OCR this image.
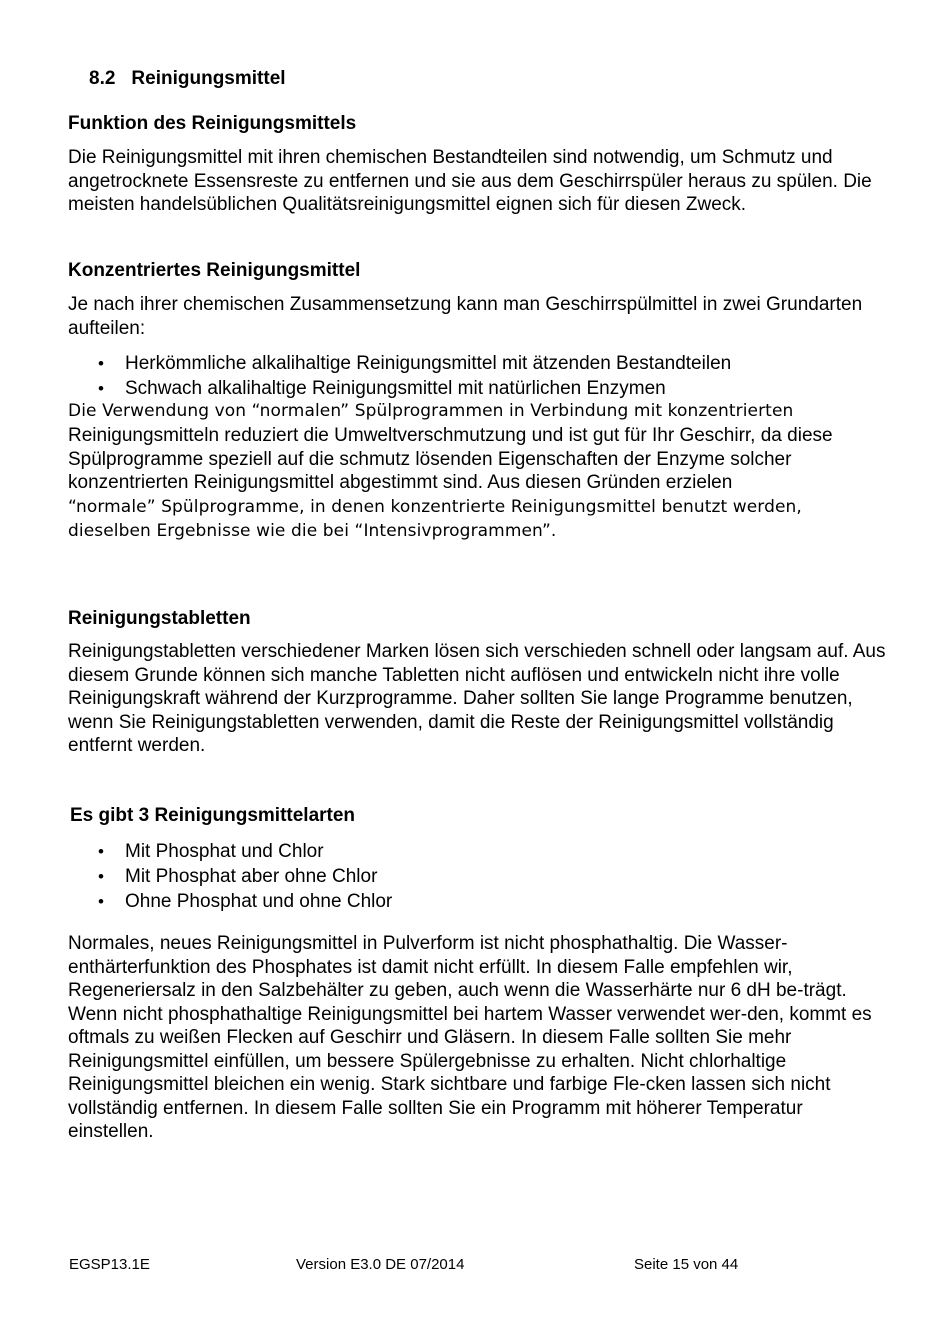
8.2 Reinigungsmittel
Funktion des Reinigungsmittels
Die Reinigungsmittel mit ihren chemischen Bestandteilen sind notwendig, um Schmutz und angetrocknete Essensreste zu entfernen und sie aus dem Geschirrspüler heraus zu spülen. Die meisten handelsüblichen Qualitätsreinigungsmittel eignen sich für diesen Zweck.
Konzentriertes Reinigungsmittel
Je nach ihrer chemischen Zusammensetzung kann man Geschirrspülmittel in zwei Grundarten aufteilen:
• Herkömmliche alkalihaltige Reinigungsmittel mit ätzenden Bestandteilen
• Schwach alkalihaltige Reinigungsmittel mit natürlichen Enzymen
Die Verwendung von “normalen” Spülprogrammen in Verbindung mit konzentrierten
Reinigungsmitteln reduziert die Umweltverschmutzung und ist gut für Ihr Geschirr, da diese Spülprogramme speziell auf die schmutz lösenden Eigenschaften der Enzyme solcher konzentrierten Reinigungsmittel abgestimmt sind. Aus diesen Gründen erzielen
“normale” Spülprogramme, in denen konzentrierte Reinigungsmittel benutzt werden, dieselben Ergebnisse wie die bei “Intensivprogrammen”.
Reinigungstabletten
Reinigungstabletten verschiedener Marken lösen sich verschieden schnell oder langsam auf. Aus diesem Grunde können sich manche Tabletten nicht auflösen und entwickeln nicht ihre volle Reinigungskraft während der Kurzprogramme. Daher sollten Sie lange Programme benutzen, wenn Sie Reinigungstabletten verwenden, damit die Reste der Reinigungsmittel vollständig entfernt werden.
Es gibt 3 Reinigungsmittelarten
• Mit Phosphat und Chlor
• Mit Phosphat aber ohne Chlor
• Ohne Phosphat und ohne Chlor
Normales, neues Reinigungsmittel in Pulverform ist nicht phosphathaltig. Die Wasser-enthärterfunktion des Phosphates ist damit nicht erfüllt. In diesem Falle empfehlen wir, Regeneriersalz in den Salzbehälter zu geben, auch wenn die Wasserhärte nur 6 dH be-trägt. Wenn nicht phosphathaltige Reinigungsmittel bei hartem Wasser verwendet wer-den, kommt es oftmals zu weißen Flecken auf Geschirr und Gläsern. In diesem Falle sollten Sie mehr Reinigungsmittel einfüllen, um bessere Spülergebnisse zu erhalten. Nicht chlorhaltige Reinigungsmittel bleichen ein wenig. Stark sichtbare und farbige Fle-cken lassen sich nicht vollständig entfernen. In diesem Falle sollten Sie ein Programm mit höherer Temperatur einstellen.
EGSP13.1E	Version E3.0 DE 07/2014	Seite 15 von 44
